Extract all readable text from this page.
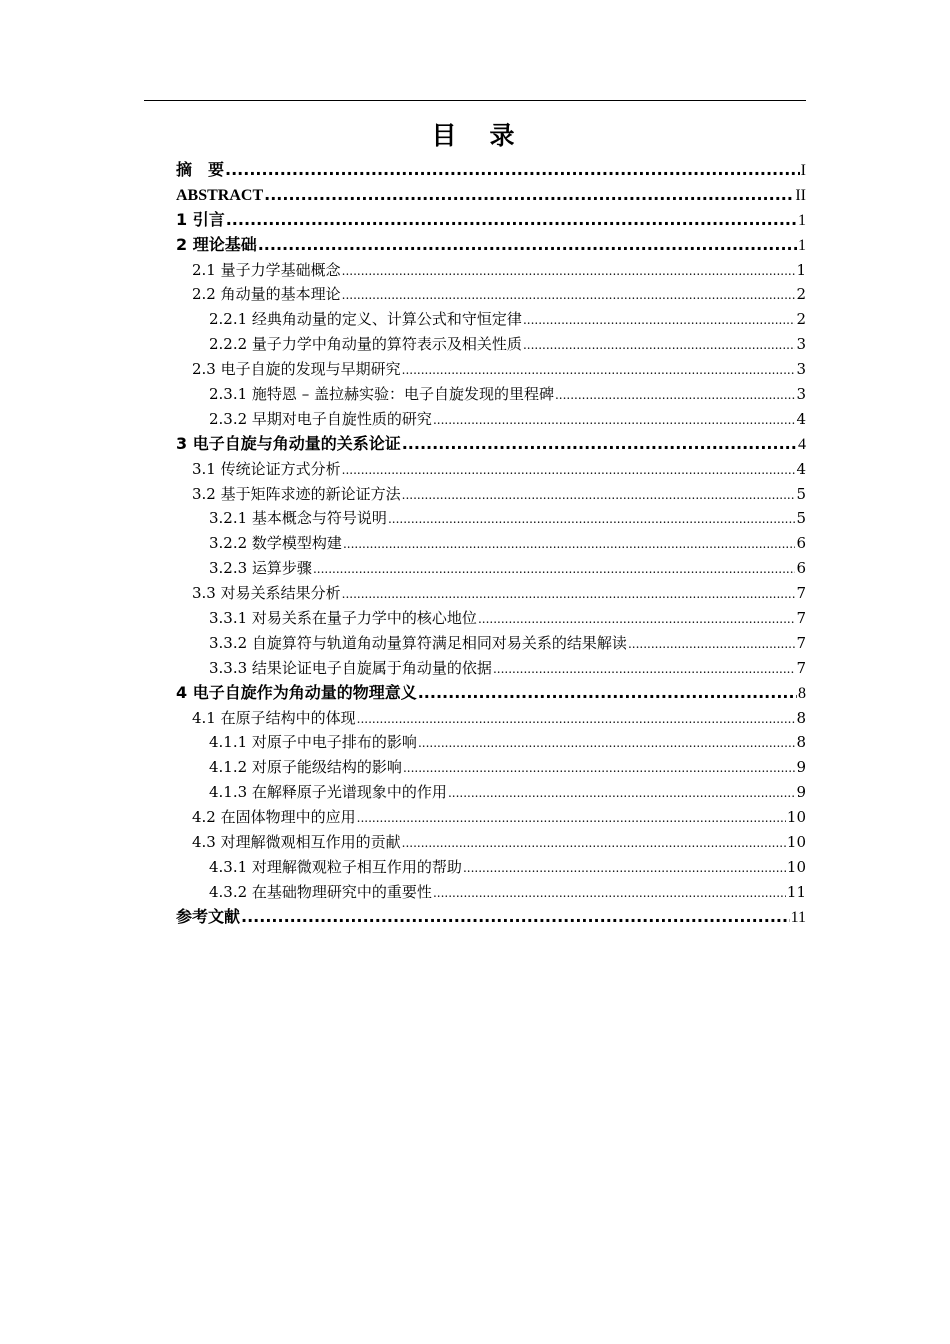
目　录
摘　要 .....	I
ABSTRACT .....	II
1 引言 .....	1
2 理论基础 .....	1
2.1 量子力学基础概念 .....	1
2.2 角动量的基本理论 .....	2
2.2.1 经典角动量的定义、计算公式和守恒定律 .....	2
2.2.2 量子力学中角动量的算符表示及相关性质 .....	3
2.3 电子自旋的发现与早期研究 .....	3
2.3.1 施特恩 – 盖拉赫实验：电子自旋发现的里程碑 .....	3
2.3.2 早期对电子自旋性质的研究 .....	4
3 电子自旋与角动量的关系论证 .....	4
3.1 传统论证方式分析 .....	4
3.2 基于矩阵求迹的新论证方法 .....	5
3.2.1 基本概念与符号说明 .....	5
3.2.2 数学模型构建 .....	6
3.2.3 运算步骤 .....	6
3.3 对易关系结果分析 .....	7
3.3.1 对易关系在量子力学中的核心地位 .....	7
3.3.2 自旋算符与轨道角动量算符满足相同对易关系的结果解读 .....	7
3.3.3 结果论证电子自旋属于角动量的依据 .....	7
4 电子自旋作为角动量的物理意义 .....	8
4.1 在原子结构中的体现 .....	8
4.1.1 对原子中电子排布的影响 .....	8
4.1.2 对原子能级结构的影响 .....	9
4.1.3 在解释原子光谱现象中的作用 .....	9
4.2 在固体物理中的应用 .....	10
4.3 对理解微观相互作用的贡献 .....	10
4.3.1 对理解微观粒子相互作用的帮助 .....	10
4.3.2 在基础物理研究中的重要性 .....	11
参考文献 .....	11
